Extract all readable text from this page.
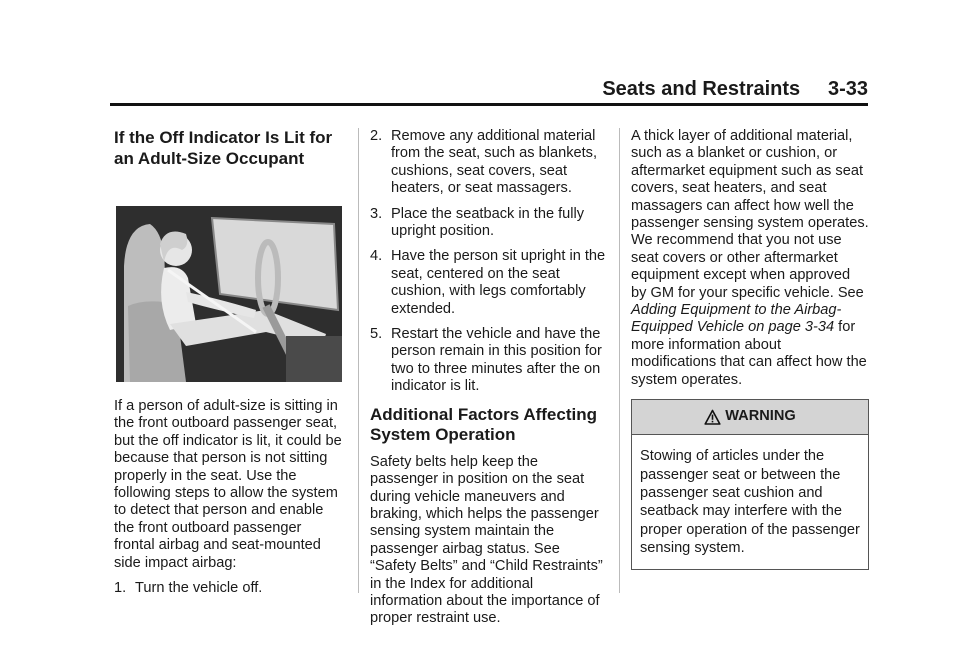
Seats and Restraints 3-33
If the Off Indicator Is Lit for an Adult-Size Occupant

If a person of adult-size is sitting in the front outboard passenger seat, but the off indicator is lit, it could be because that person is not sitting properly in the seat. Use the following steps to allow the system to detect that person and enable the front outboard passenger frontal airbag and seat-mounted side impact airbag:

1. Turn the vehicle off.
2. Remove any additional material from the seat, such as blankets, cushions, seat covers, seat heaters, or seat massagers.
3. Place the seatback in the fully upright position.
4. Have the person sit upright in the seat, centered on the seat cushion, with legs comfortably extended.
5. Restart the vehicle and have the person remain in this position for two to three minutes after the on indicator is lit.
Additional Factors Affecting System Operation

Safety belts help keep the passenger in position on the seat during vehicle maneuvers and braking, which helps the passenger sensing system maintain the passenger airbag status. See “Safety Belts” and “Child Restraints” in the Index for additional information about the importance of proper restraint use.

A thick layer of additional material, such as a blanket or cushion, or aftermarket equipment such as seat covers, seat heaters, and seat massagers can affect how well the passenger sensing system operates. We recommend that you not use seat covers or other aftermarket equipment except when approved by GM for your specific vehicle. See Adding Equipment to the Airbag-Equipped Vehicle on page 3-34 for more information about modifications that can affect how the system operates.

WARNING
Stowing of articles under the passenger seat or between the passenger seat cushion and seatback may interfere with the proper operation of the passenger sensing system.
